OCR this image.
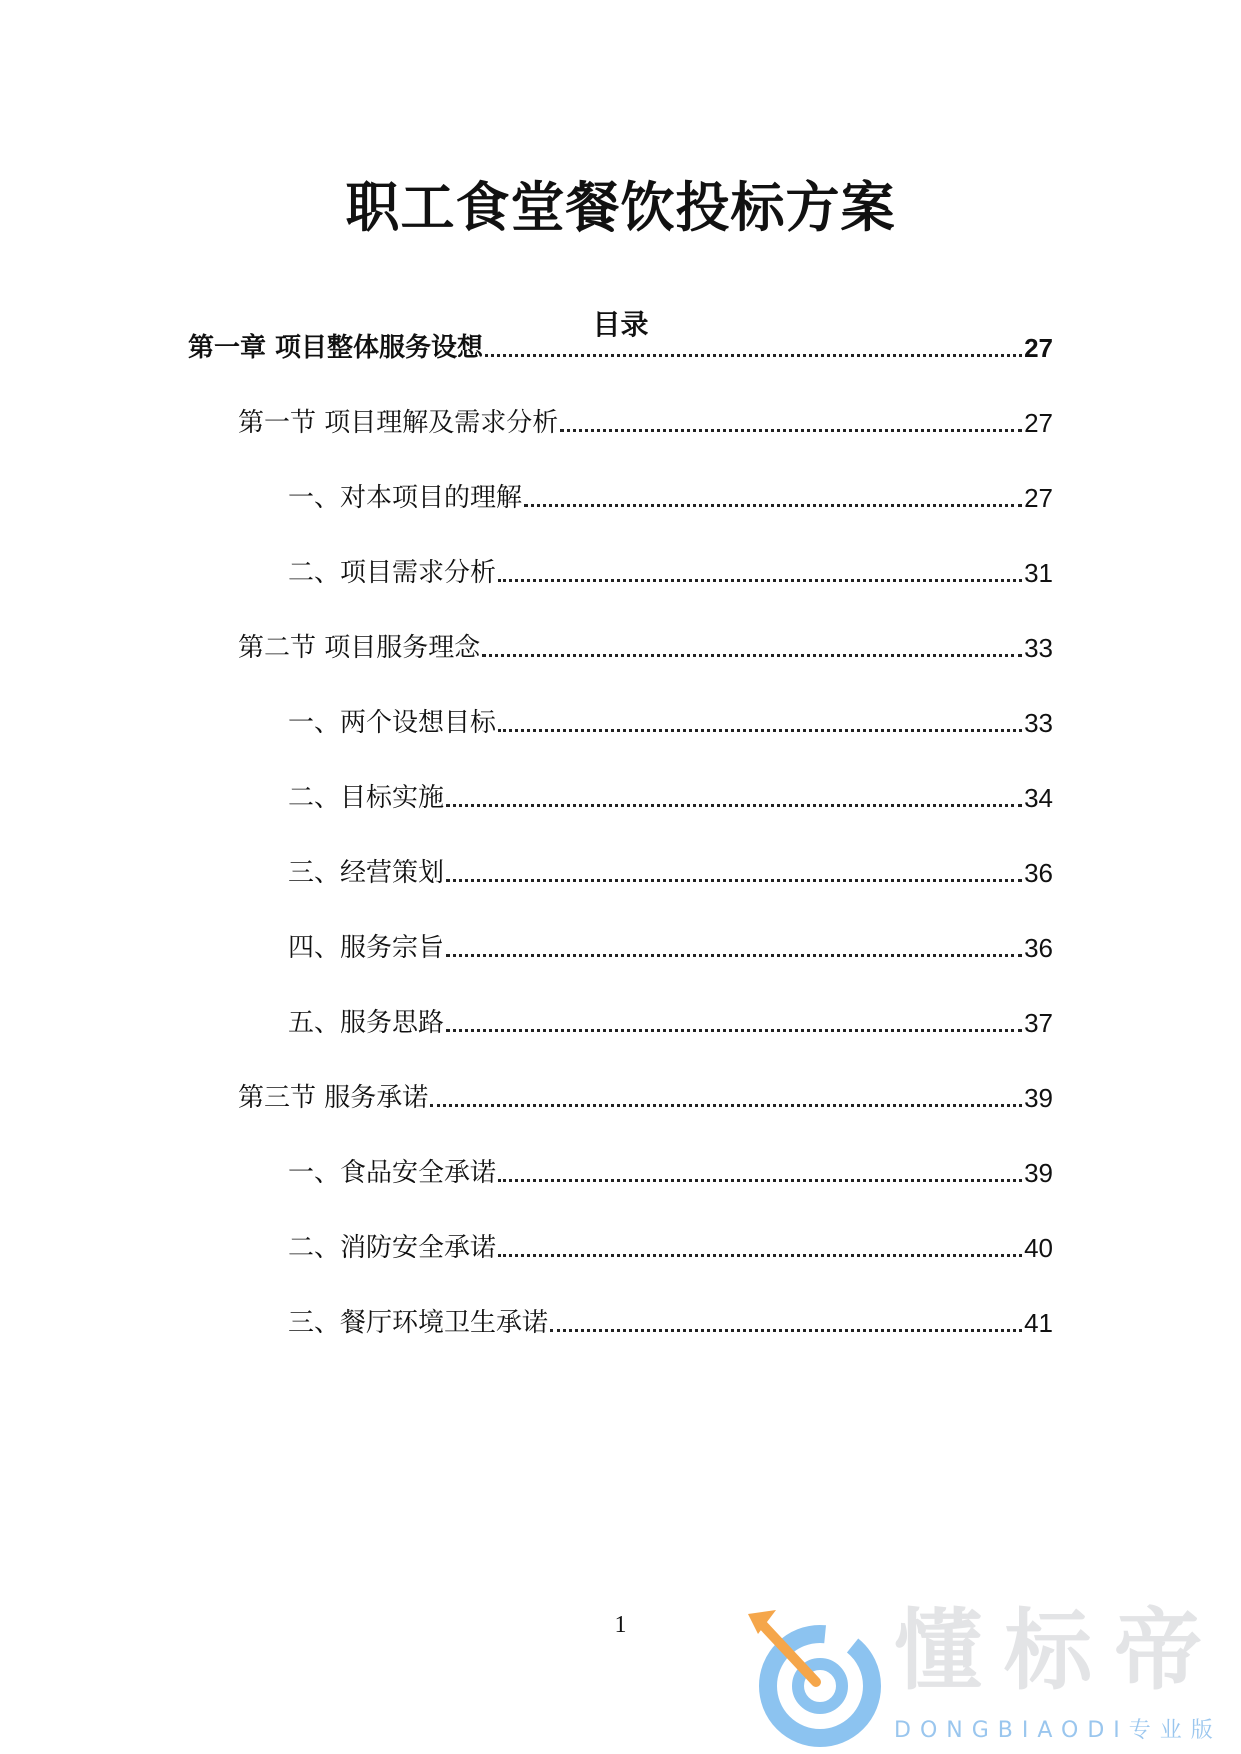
职工食堂餐饮投标方案
目录
第一章 项目整体服务设想	27
第一节 项目理解及需求分析	27
一、对本项目的理解	27
二、项目需求分析	31
第二节 项目服务理念	33
一、两个设想目标	33
二、目标实施	34
三、经营策划	36
四、服务宗旨	36
五、服务思路	37
第三节 服务承诺	39
一、食品安全承诺	39
二、消防安全承诺	40
三、餐厅环境卫生承诺	41
1	懂标帝
DONGBIAODI专业版
